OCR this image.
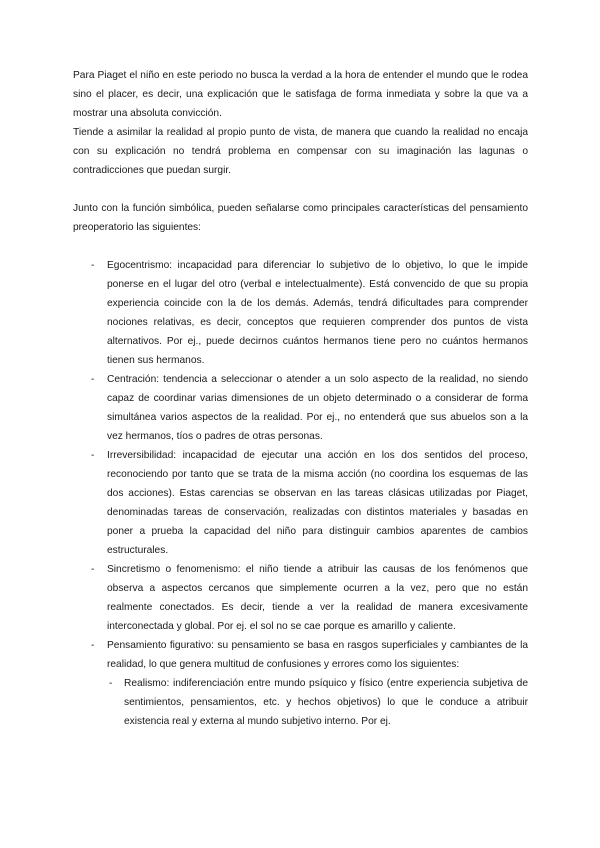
Para Piaget el niño en este periodo no busca la verdad a la hora de entender el mundo que le rodea sino el placer, es decir, una explicación que le satisfaga de forma inmediata y sobre la que va a mostrar una absoluta convicción.

Tiende a asimilar la realidad al propio punto de vista, de manera que cuando la realidad no encaja con su explicación no tendrá problema en compensar con su imaginación las lagunas o contradicciones que puedan surgir.

Junto con la función simbólica, pueden señalarse como principales características del pensamiento preoperatorio las siguientes:

- Egocentrismo: incapacidad para diferenciar lo subjetivo de lo objetivo, lo que le impide ponerse en el lugar del otro (verbal e intelectualmente). Está convencido de que su propia experiencia coincide con la de los demás. Además, tendrá dificultades para comprender nociones relativas, es decir, conceptos que requieren comprender dos puntos de vista alternativos. Por ej., puede decirnos cuántos hermanos tiene pero no cuántos hermanos tienen sus hermanos.
- Centración: tendencia a seleccionar o atender a un solo aspecto de la realidad, no siendo capaz de coordinar varias dimensiones de un objeto determinado o a considerar de forma simultánea varios aspectos de la realidad. Por ej., no entenderá que sus abuelos son a la vez hermanos, tíos o padres de otras personas.
- Irreversibilidad: incapacidad de ejecutar una acción en los dos sentidos del proceso, reconociendo por tanto que se trata de la misma acción (no coordina los esquemas de las dos acciones). Estas carencias se observan en las tareas clásicas utilizadas por Piaget, denominadas tareas de conservación, realizadas con distintos materiales y basadas en poner a prueba la capacidad del niño para distinguir cambios aparentes de cambios estructurales.
- Sincretismo o fenomenismo: el niño tiende a atribuir las causas de los fenómenos que observa a aspectos cercanos que simplemente ocurren a la vez, pero que no están realmente conectados. Es decir, tiende a ver la realidad de manera excesivamente interconectada y global. Por ej. el sol no se cae porque es amarillo y caliente.
- Pensamiento figurativo: su pensamiento se basa en rasgos superficiales y cambiantes de la realidad, lo que genera multitud de confusiones y errores como los siguientes:
- Realismo: indiferenciación entre mundo psíquico y físico (entre experiencia subjetiva de sentimientos, pensamientos, etc. y hechos objetivos) lo que le conduce a atribuir existencia real y externa al mundo subjetivo interno. Por ej.
